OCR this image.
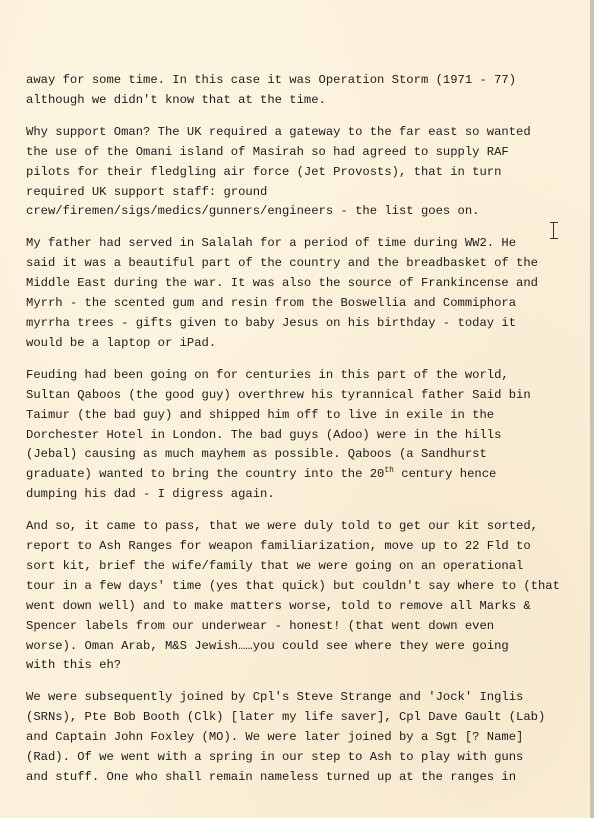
away for some time. In this case it was Operation Storm (1971 - 77)
although we didn't know that at the time.

Why support Oman? The UK required a gateway to the far east so wanted
the use of the Omani island of Masirah so had agreed to supply RAF
pilots for their fledgling air force (Jet Provosts), that in turn
required UK support staff: ground
crew/firemen/sigs/medics/gunners/engineers - the list goes on.

My father had served in Salalah for a period of time during WW2. He
said it was a beautiful part of the country and the breadbasket of the
Middle East during the war. It was also the source of Frankincense and
Myrrh - the scented gum and resin from the Boswellia and Commiphora
myrrha trees - gifts given to baby Jesus on his birthday - today it
would be a laptop or iPad.

Feuding had been going on for centuries in this part of the world,
Sultan Qaboos (the good guy) overthrew his tyrannical father Said bin
Taimur (the bad guy) and shipped him off to live in exile in the
Dorchester Hotel in London. The bad guys (Adoo) were in the hills
(Jebal) causing as much mayhem as possible. Qaboos (a Sandhurst
graduate) wanted to bring the country into the 20th century hence
dumping his dad - I digress again.

And so, it came to pass, that we were duly told to get our kit sorted,
report to Ash Ranges for weapon familiarization, move up to 22 Fld to
sort kit, brief the wife/family that we were going on an operational
tour in a few days' time (yes that quick) but couldn't say where to (that
went down well) and to make matters worse, told to remove all Marks &
Spencer labels from our underwear - honest! (that went down even
worse). Oman Arab, M&S Jewish……you could see where they were going
with this eh?

We were subsequently joined by Cpl's Steve Strange and 'Jock' Inglis
(SRNs), Pte Bob Booth (Clk) [later my life saver], Cpl Dave Gault (Lab)
and Captain John Foxley (MO). We were later joined by a Sgt [? Name]
(Rad). Of we went with a spring in our step to Ash to play with guns
and stuff. One who shall remain nameless turned up at the ranges in
